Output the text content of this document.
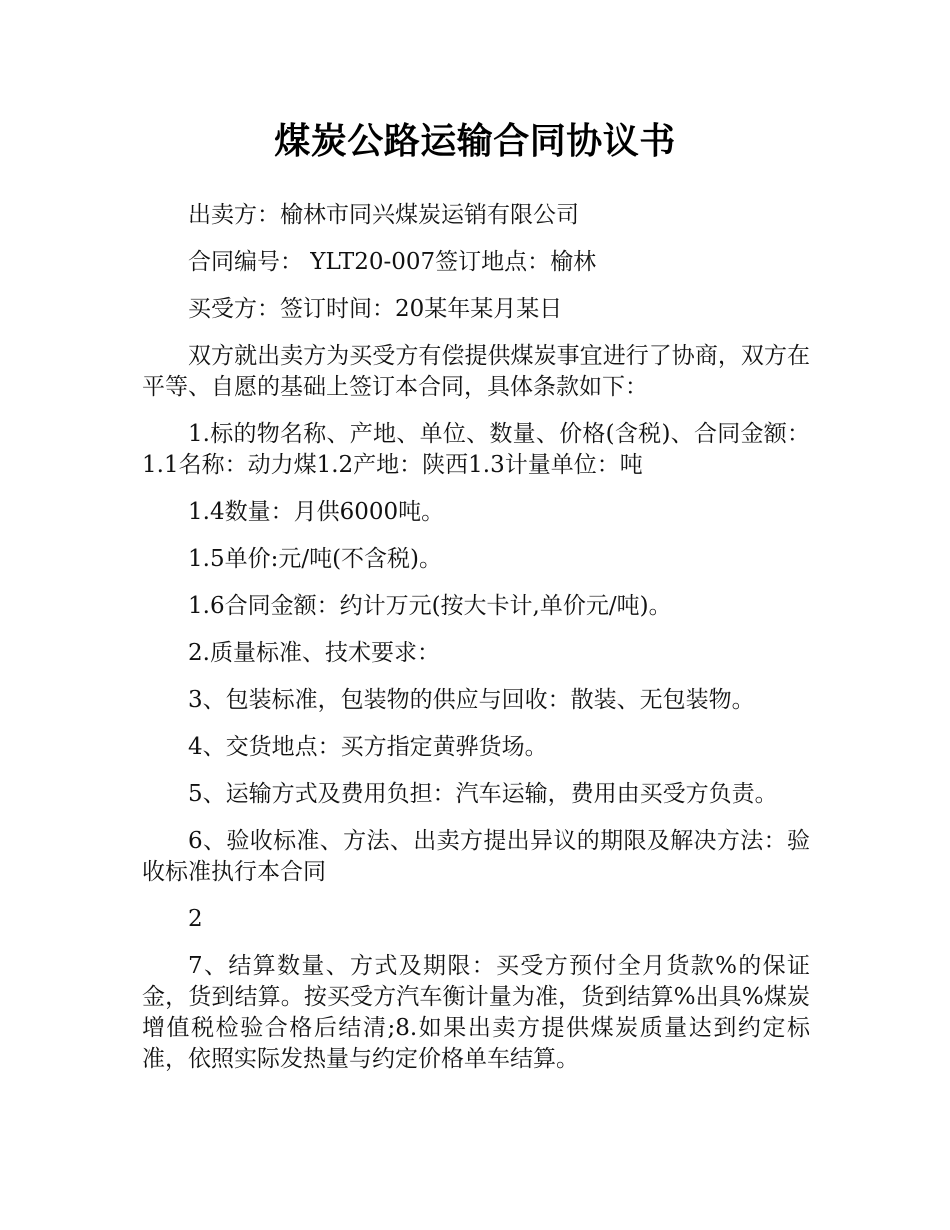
煤炭公路运输合同协议书

出卖方：榆林市同兴煤炭运销有限公司

合同编号： YLT20-007签订地点：榆林

买受方：签订时间：20某年某月某日

双方就出卖方为买受方有偿提供煤炭事宜进行了协商，双方在平等、自愿的基础上签订本合同，具体条款如下：

1.标的物名称、产地、单位、数量、价格(含税)、合同金额：1.1名称：动力煤1.2产地：陕西1.3计量单位：吨

1.4数量：月供6000吨。

1.5单价:元/吨(不含税)。

1.6合同金额：约计万元(按大卡计,单价元/吨)。

2.质量标准、技术要求：

3、包装标准，包装物的供应与回收：散装、无包装物。

4、交货地点：买方指定黄骅货场。

5、运输方式及费用负担：汽车运输，费用由买受方负责。

6、验收标准、方法、出卖方提出异议的期限及解决方法：验收标准执行本合同

2

7、结算数量、方式及期限：买受方预付全月货款%的保证金，货到结算。按买受方汽车衡计量为准，货到结算%出具%煤炭增值税检验合格后结清;8.如果出卖方提供煤炭质量达到约定标准，依照实际发热量与约定价格单车结算。
